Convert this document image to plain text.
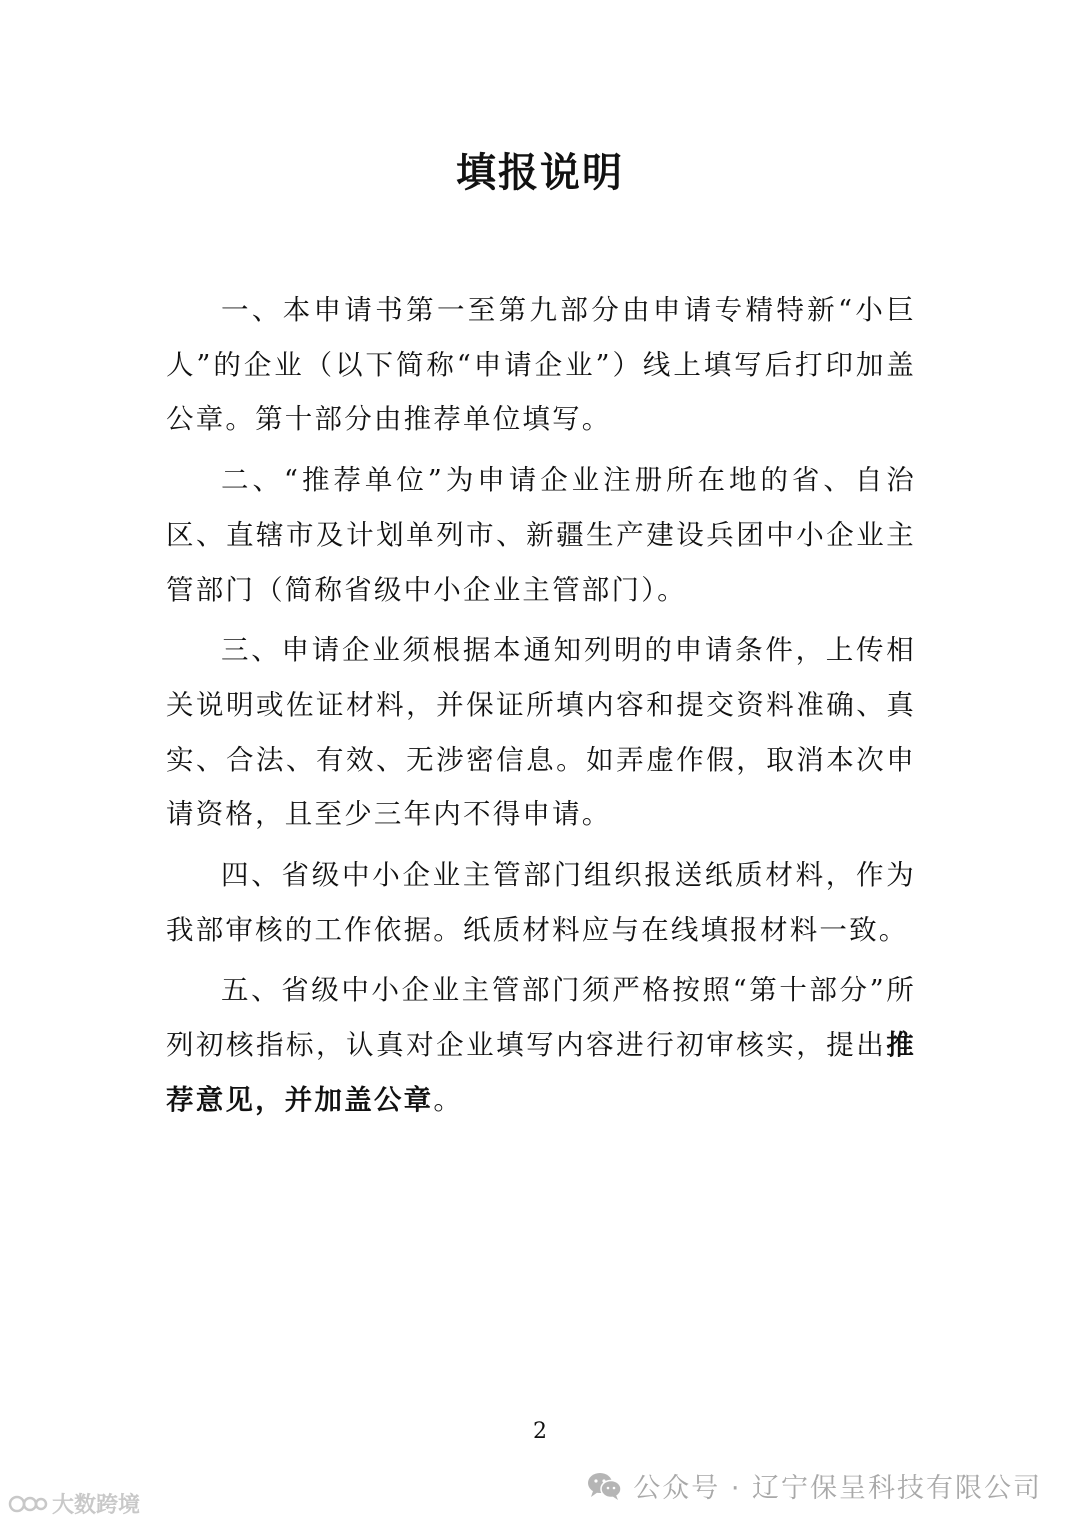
填报说明

一、本申请书第一至第九部分由申请专精特新“小巨人”的企业（以下简称“申请企业”）线上填写后打印加盖公章。第十部分由推荐单位填写。

二、“推荐单位”为申请企业注册所在地的省、自治区、直辖市及计划单列市、新疆生产建设兵团中小企业主管部门（简称省级中小企业主管部门）。

三、申请企业须根据本通知列明的申请条件，上传相关说明或佐证材料，并保证所填内容和提交资料准确、真实、合法、有效、无涉密信息。如弄虚作假，取消本次申请资格，且至少三年内不得申请。

四、省级中小企业主管部门组织报送纸质材料，作为我部审核的工作依据。纸质材料应与在线填报材料一致。

五、省级中小企业主管部门须严格按照“第十部分”所列初核指标，认真对企业填写内容进行初审核实，提出推荐意见，并加盖公章。

2
公众号 · 辽宁保呈科技有限公司
大数跨境
